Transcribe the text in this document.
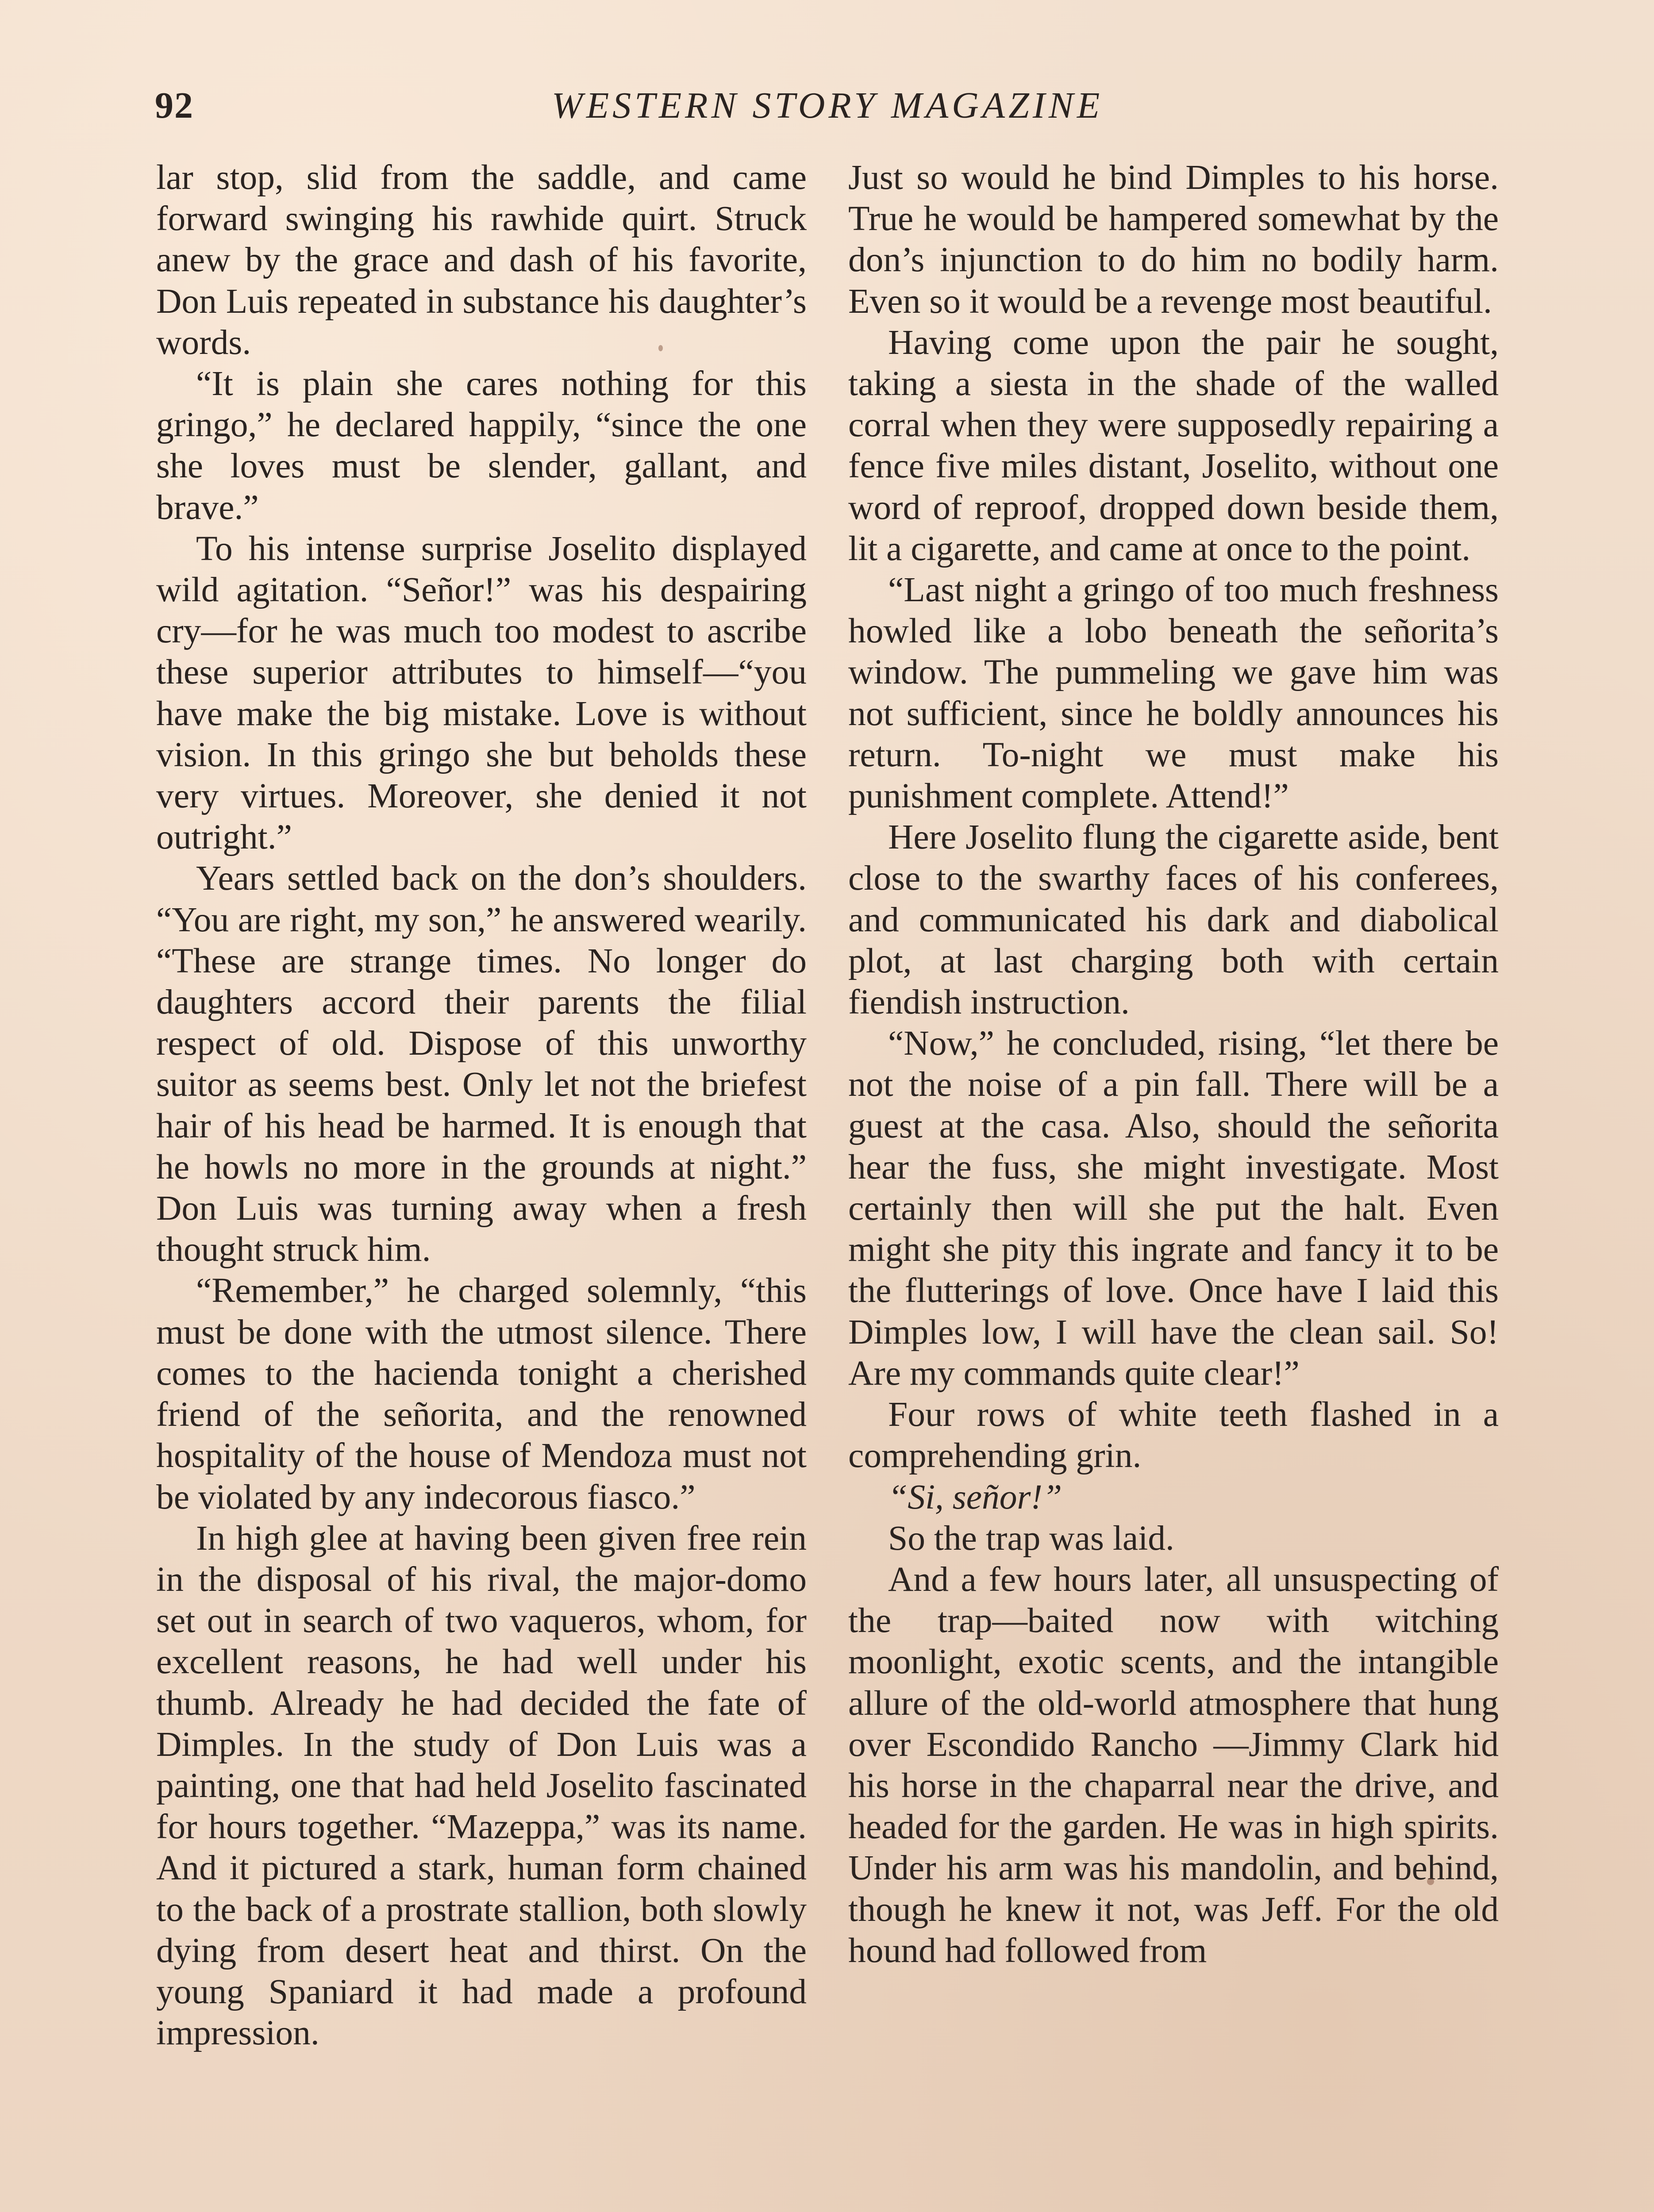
92	WESTERN STORY MAGAZINE

lar stop, slid from the saddle, and came forward swinging his rawhide quirt. Struck anew by the grace and dash of his favorite, Don Luis repeated in substance his daughter’s words.

“It is plain she cares nothing for this gringo,” he declared happily, “since the one she loves must be slender, gallant, and brave.”

To his intense surprise Joselito displayed wild agitation. “Señor!” was his despairing cry—for he was much too modest to ascribe these superior attributes to himself—“you have make the big mistake. Love is without vision. In this gringo she but beholds these very virtues. Moreover, she denied it not outright.”

Years settled back on the don’s shoulders. “You are right, my son,” he answered wearily. “These are strange times. No longer do daughters accord their parents the filial respect of old. Dispose of this unworthy suitor as seems best. Only let not the briefest hair of his head be harmed. It is enough that he howls no more in the grounds at night.” Don Luis was turning away when a fresh thought struck him.

“Remember,” he charged solemnly, “this must be done with the utmost silence. There comes to the hacienda tonight a cherished friend of the señorita, and the renowned hospitality of the house of Mendoza must not be violated by any indecorous fiasco.”

In high glee at having been given free rein in the disposal of his rival, the major-domo set out in search of two vaqueros, whom, for excellent reasons, he had well under his thumb. Already he had decided the fate of Dimples. In the study of Don Luis was a painting, one that had held Joselito fascinated for hours together. “Mazeppa,” was its name. And it pictured a stark, human form chained to the back of a prostrate stallion, both slowly dying from desert heat and thirst. On the young Spaniard it had made a profound impression.

Just so would he bind Dimples to his horse. True he would be hampered somewhat by the don’s injunction to do him no bodily harm. Even so it would be a revenge most beautiful.

Having come upon the pair he sought, taking a siesta in the shade of the walled corral when they were supposedly repairing a fence five miles distant, Joselito, without one word of reproof, dropped down beside them, lit a cigarette, and came at once to the point.

“Last night a gringo of too much freshness howled like a lobo beneath the señorita’s window. The pummeling we gave him was not sufficient, since he boldly announces his return. To-night we must make his punishment complete. Attend!”

Here Joselito flung the cigarette aside, bent close to the swarthy faces of his conferees, and communicated his dark and diabolical plot, at last charging both with certain fiendish instruction.

“Now,” he concluded, rising, “let there be not the noise of a pin fall. There will be a guest at the casa. Also, should the señorita hear the fuss, she might investigate. Most certainly then will she put the halt. Even might she pity this ingrate and fancy it to be the flutterings of love. Once have I laid this Dimples low, I will have the clean sail. So! Are my commands quite clear!”

Four rows of white teeth flashed in a comprehending grin.

“Si, señor!”

So the trap was laid.

And a few hours later, all unsuspecting of the trap—baited now with witching moonlight, exotic scents, and the intangible allure of the old-world atmosphere that hung over Escondido Rancho —Jimmy Clark hid his horse in the chaparral near the drive, and headed for the garden. He was in high spirits. Under his arm was his mandolin, and behind, though he knew it not, was Jeff. For the old hound had followed from
